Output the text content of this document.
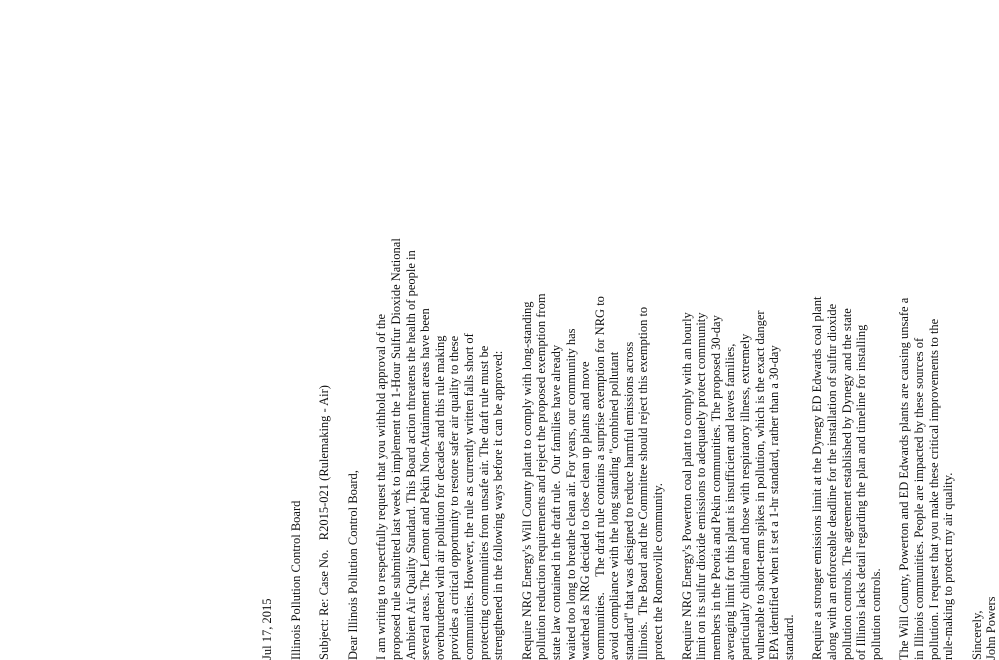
Jul 17, 2015 Illinois Pollution Control Board Subject: Re: Case No.   R2015-021 (Rulemaking - Air) Dear Illinois Pollution Control Board, I am writing to respectfully request that you withhold approval of the proposed rule submitted last week to implement the 1-Hour Sulfur Dioxide National Ambient Air Quality Standard. This Board action threatens the health of people in several areas. The Lemont and Pekin Non-Attainment areas have been overburdened with air pollution for decades and this rule making provides a critical opportunity to restore safer air quality to these communities. However, the rule as currently written falls short of protecting communities from unsafe air. The draft rule must be strengthened in the following ways before it can be approved: Require NRG Energy's Will County plant to comply with long-standing pollution reduction requirements and reject the proposed exemption from state law contained in the draft rule.  Our families have already waited too long to breathe clean air. For years, our community has watched as NRG decided to close clean up plants and move communities.     The draft rule contains a surprise exemption for NRG to avoid compliance with the long standing "combined pollutant standard" that was designed to reduce harmful emissions across Illinois.  The Board and the Committee should reject this exemption to protect the Romeoville community. Require NRG Energy's Powerton coal plant to comply with an hourly limit on its sulfur dioxide emissions to adequately protect community members in the Peoria and Pekin communities. The proposed 30-day averaging limit for this plant is insufficient and leaves families, particularly children and those with respiratory illness, extremely vulnerable to short-term spikes in pollution, which is the exact danger EPA identified when it set a 1-hr standard, rather than a 30-day standard. Require a stronger emissions limit at the Dynegy ED Edwards coal plant along with an enforceable deadline for the installation of sulfur dioxide pollution controls. The agreement established by Dynegy and the state of Illinois lacks detail regarding the plan and timeline for installing pollution controls. The Will County, Powerton and ED Edwards plants are causing unsafe a in Illinois communities. People are impacted by these sources of pollution. I request that you make these critical improvements to the rule-making to protect my air quality. Sincerely, John Powers
